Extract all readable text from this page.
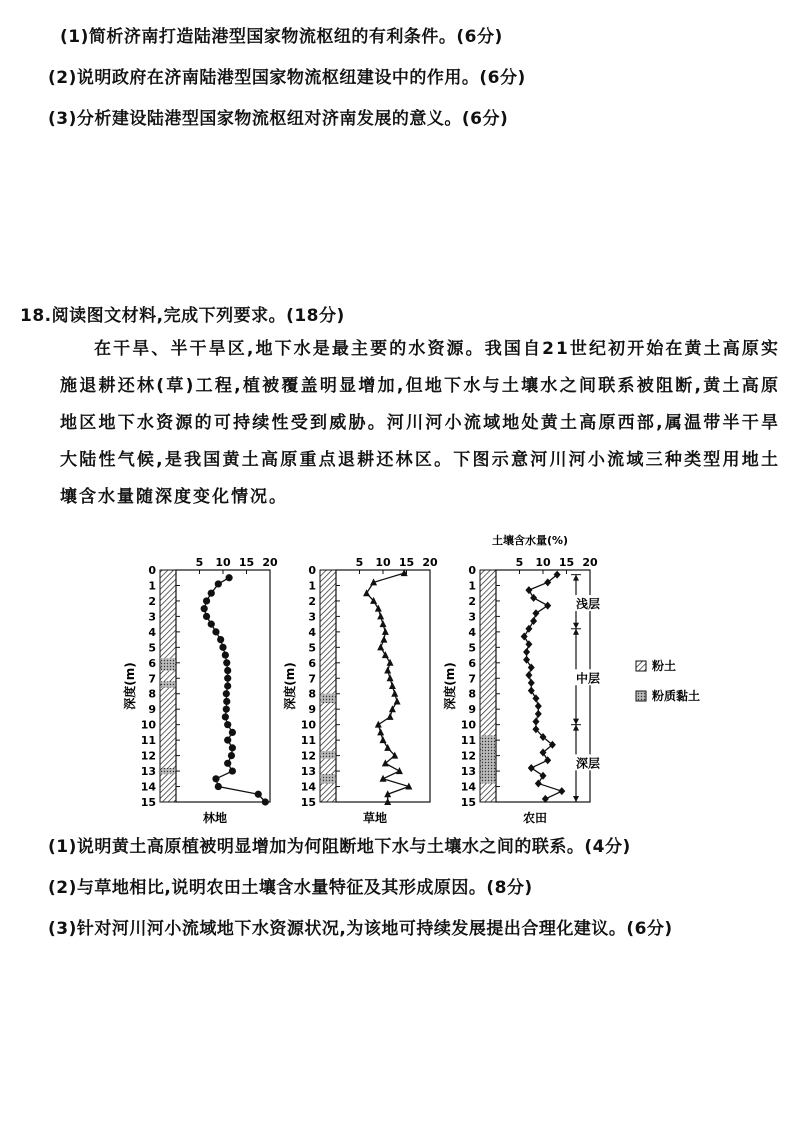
(1)简析济南打造陆港型国家物流枢纽的有利条件。(6分)
(2)说明政府在济南陆港型国家物流枢纽建设中的作用。(6分)
(3)分析建设陆港型国家物流枢纽对济南发展的意义。(6分)
18.阅读图文材料,完成下列要求。(18分)
在干旱、半干旱区,地下水是最主要的水资源。我国自21世纪初开始在黄土高原实施退耕还林(草)工程,植被覆盖明显增加,但地下水与土壤水之间联系被阻断,黄土高原地区地下水资源的可持续性受到威胁。河川河小流域地处黄土高原西部,属温带半干旱大陆性气候,是我国黄土高原重点退耕还林区。下图示意河川河小流域三种类型用地土壤含水量随深度变化情况。
0
1
2
3
4
5
6
7
8
9
10
11
12
13
14
15
5 10 15 20
深度(m)
林地
0
1
2
3
4
5
6
7
8
9
10
11
12
13
14
15
5 10 15 20
深度(m)
草地
0
1
2
3
4
5
6
7
8
9
10
11
12
13
14
15
5 10 15 20
深度(m)
农田
土壤含水量(%)
浅层
中层
深层
粉土
粉质黏土
(1)说明黄土高原植被明显增加为何阻断地下水与土壤水之间的联系。(4分)
(2)与草地相比,说明农田土壤含水量特征及其形成原因。(8分)
(3)针对河川河小流域地下水资源状况,为该地可持续发展提出合理化建议。(6分)
